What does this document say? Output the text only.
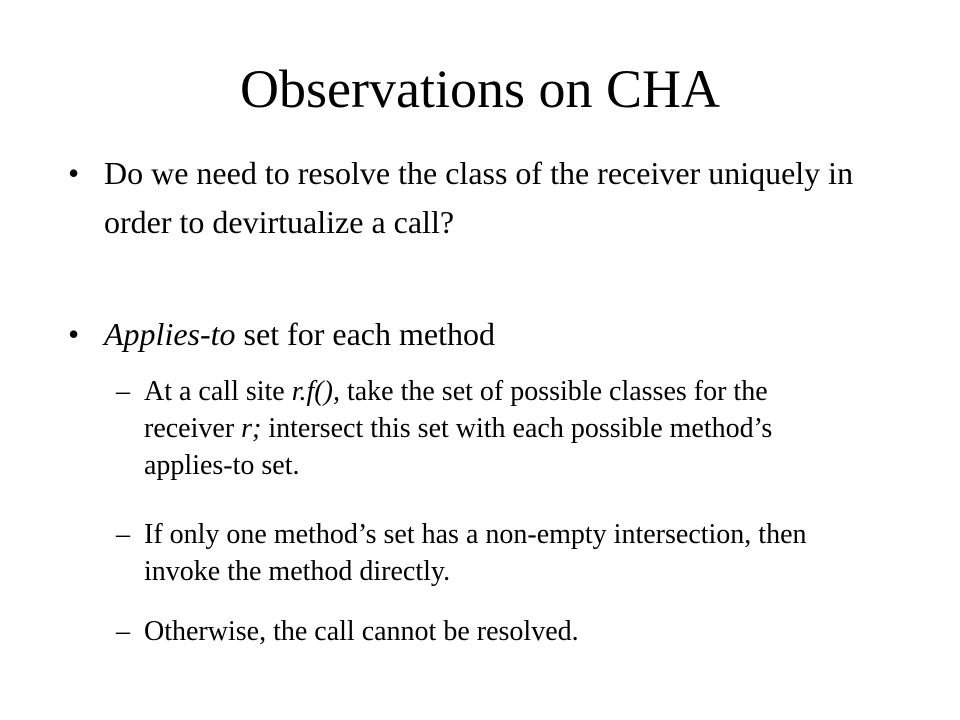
Observations on CHA
• Do we need to resolve the class of the receiver uniquely in order to devirtualize a call?
• Applies-to set for each method
– At a call site r.f(), take the set of possible classes for the receiver r; intersect this set with each possible method’s applies-to set.
– If only one method’s set has a non-empty intersection, then invoke the method directly.
– Otherwise, the call cannot be resolved.
